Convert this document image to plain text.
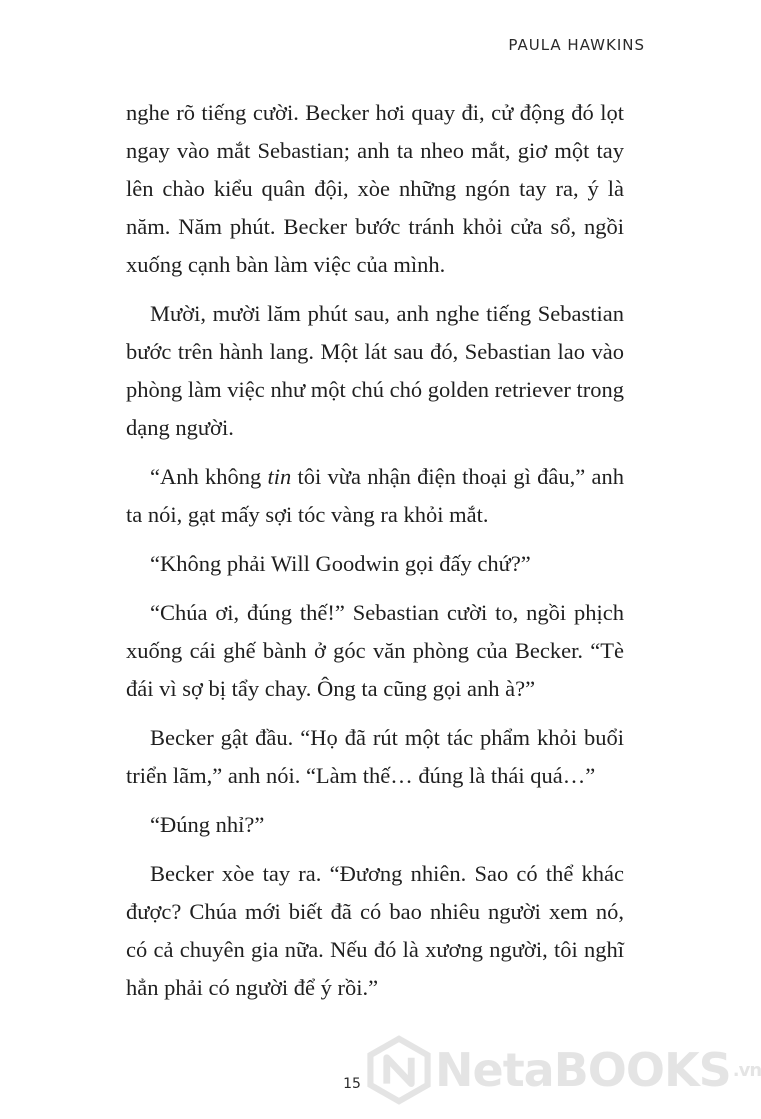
PAULA HAWKINS

nghe rõ tiếng cười. Becker hơi quay đi, cử động đó lọt ngay vào mắt Sebastian; anh ta nheo mắt, giơ một tay lên chào kiểu quân đội, xòe những ngón tay ra, ý là năm. Năm phút. Becker bước tránh khỏi cửa sổ, ngồi xuống cạnh bàn làm việc của mình.

Mười, mười lăm phút sau, anh nghe tiếng Sebastian bước trên hành lang. Một lát sau đó, Sebastian lao vào phòng làm việc như một chú chó golden retriever trong dạng người.

“Anh không tin tôi vừa nhận điện thoại gì đâu,” anh ta nói, gạt mấy sợi tóc vàng ra khỏi mắt.

“Không phải Will Goodwin gọi đấy chứ?”

“Chúa ơi, đúng thế!” Sebastian cười to, ngồi phịch xuống cái ghế bành ở góc văn phòng của Becker. “Tè đái vì sợ bị tẩy chay. Ông ta cũng gọi anh à?”

Becker gật đầu. “Họ đã rút một tác phẩm khỏi buổi triển lãm,” anh nói. “Làm thế… đúng là thái quá…”

“Đúng nhỉ?”

Becker xòe tay ra. “Đương nhiên. Sao có thể khác được? Chúa mới biết đã có bao nhiêu người xem nó, có cả chuyên gia nữa. Nếu đó là xương người, tôi nghĩ hẳn phải có người để ý rồi.”

15 NetaBOOKS .vn
